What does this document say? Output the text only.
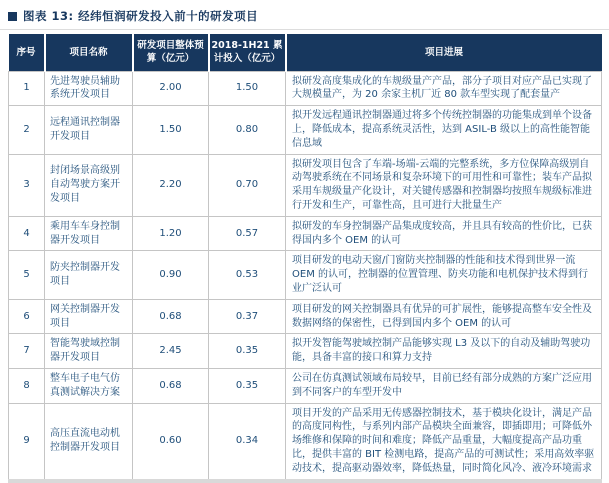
图表 13: 经纬恒润研发投入前十的研发项目
序号	项目名称	研发项目整体预算（亿元）	2018-1H21 累计投入（亿元）	项目进展
1	先进驾驶员辅助系统开发项目	2.00	1.50	拟研发高度集成化的车规级量产产品，部分子项目对应产品已实现了大规模量产，为 20 余家主机厂近 80 款车型实现了配套量产
2	远程通讯控制器开发项目	1.50	0.80	拟开发远程通讯控制器通过将多个传统控制器的功能集成到单个设备上，降低成本，提高系统灵活性，达到 ASIL-B 级以上的高性能智能信息域
3	封闭场景高级别自动驾驶方案开发项目	2.20	0.70	拟研发项目包含了车端-场端-云端的完整系统，多方位保障高级别自动驾驶系统在不同场景和复杂环境下的可用性和可靠性；装车产品拟采用车规级量产化设计，对关键传感器和控制器均按照车规级标准进行开发和生产，可靠性高，且可进行大批量生产
4	乘用车车身控制器开发项目	1.20	0.57	拟研发的车身控制器产品集成度较高，并且具有较高的性价比，已获得国内多个 OEM 的认可
5	防夹控制器开发项目	0.90	0.53	项目研发的电动天窗/门窗防夹控制器的性能和技术得到世界一流 OEM 的认可，控制器的位置管理、防夹功能和电机保护技术得到行业广泛认可
6	网关控制器开发项目	0.68	0.37	项目研发的网关控制器具有优异的可扩展性，能够提高整车安全性及数据网络的保密性，已得到国内多个 OEM 的认可
7	智能驾驶域控制器开发项目	2.45	0.35	拟开发智能驾驶域控制产品能够实现 L3 及以下的自动及辅助驾驶功能，具备丰富的接口和算力支持
8	整车电子电气仿真测试解决方案	0.68	0.35	公司在仿真测试领域布局较早，目前已经有部分成熟的方案广泛应用到不同客户的车型开发中
9	高压直流电动机控制器开发项目	0.60	0.34	项目开发的产品采用无传感器控制技术，基于模块化设计，满足产品的高度同构性，与系列内部产品模块全面兼容，即插即用；可降低外场维修和保障的时间和难度；降低产品重量，大幅度提高产品功重比，提供丰富的 BIT 检测电路，提高产品的可测试性；采用高效率驱动技术，提高驱动器效率，降低热量，同时简化风冷、液冷环境需求
